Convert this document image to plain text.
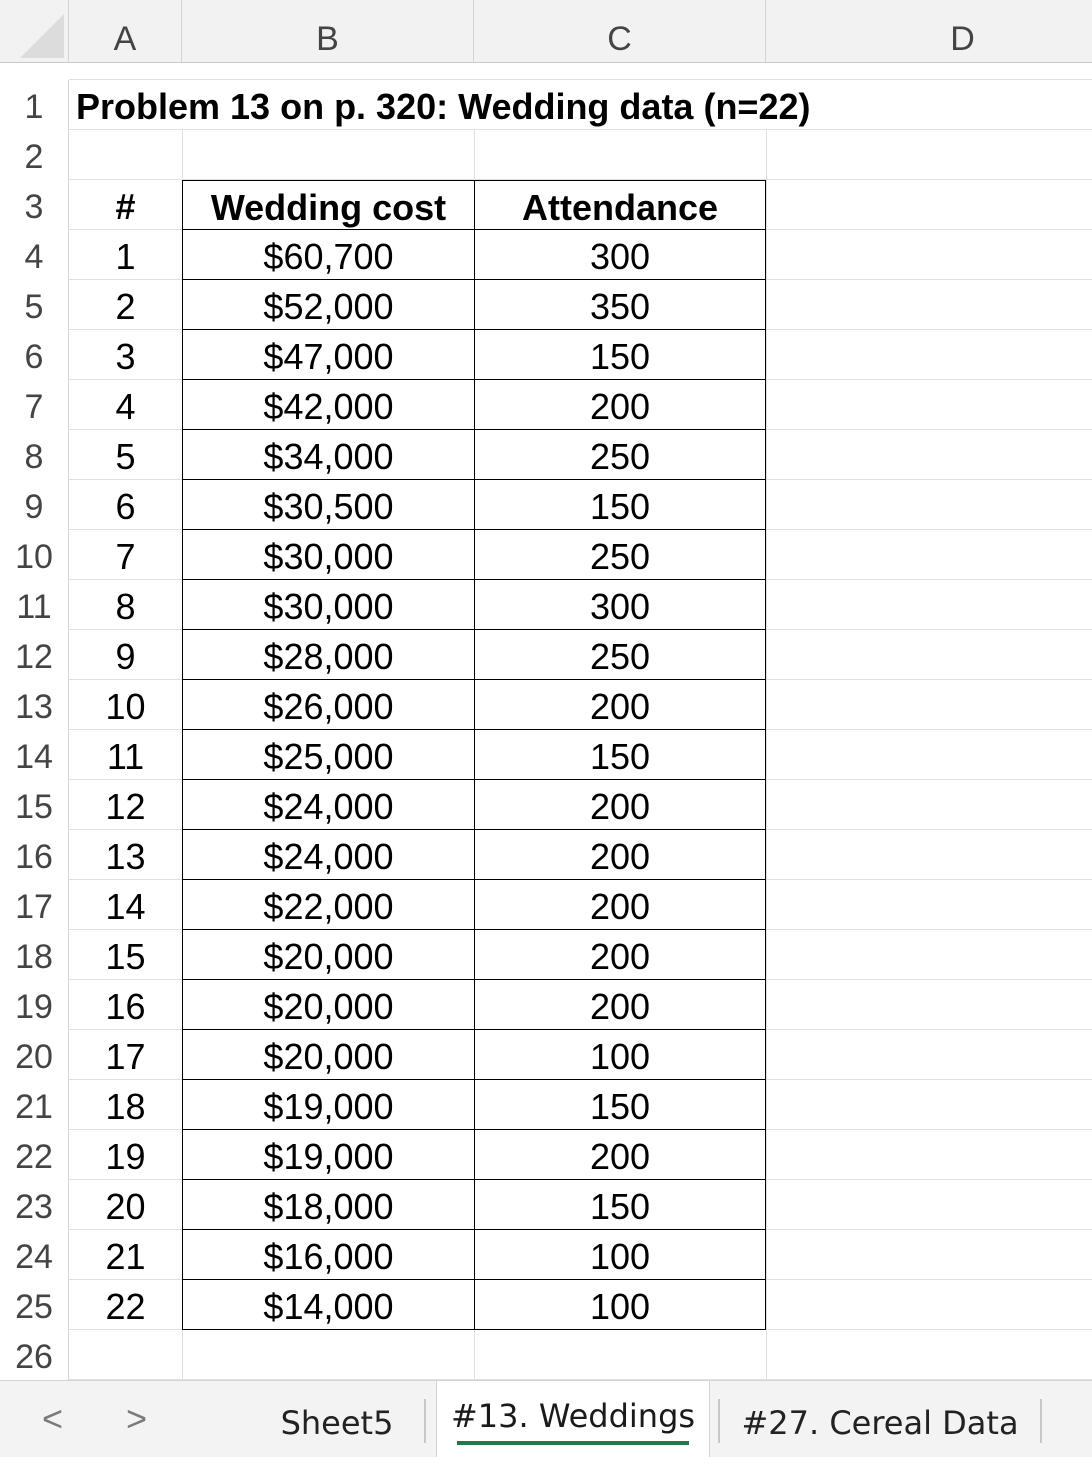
A	B	C	D
1
2
3
4
5
6
7
8
9
10
11
12
13
14
15
16
17
18
19
20
21
22
23
24
25
26
Problem 13 on p. 320: Wedding data (n=22)
#	Wedding cost	Attendance
1	$60,700	300
2	$52,000	350
3	$47,000	150
4	$42,000	200
5	$34,000	250
6	$30,500	150
7	$30,000	250
8	$30,000	300
9	$28,000	250
10	$26,000	200
11	$25,000	150
12	$24,000	200
13	$24,000	200
14	$22,000	200
15	$20,000	200
16	$20,000	200
17	$20,000	100
18	$19,000	150
19	$19,000	200
20	$18,000	150
21	$16,000	100
22	$14,000	100
< >	Sheet5	#13. Weddings	#27. Cereal Data
